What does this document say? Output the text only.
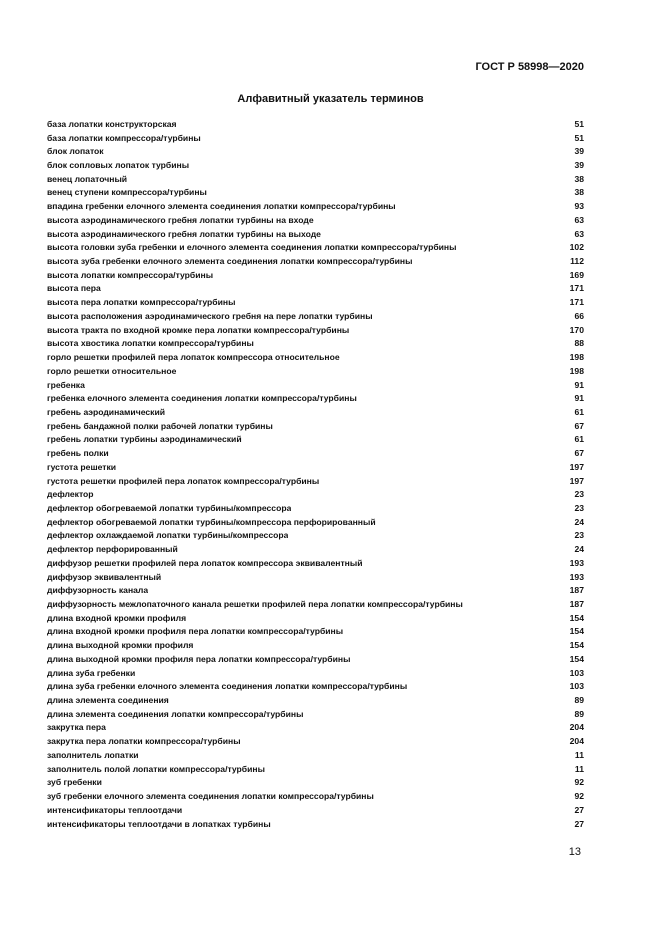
ГОСТ Р 58998—2020
Алфавитный указатель терминов
база лопатки конструкторская	51
база лопатки компрессора/турбины	51
блок лопаток	39
блок сопловых лопаток турбины	39
венец лопаточный	38
венец ступени компрессора/турбины	38
впадина гребенки елочного элемента соединения лопатки компрессора/турбины	93
высота аэродинамического гребня лопатки турбины на входе	63
высота аэродинамического гребня лопатки турбины на выходе	63
высота головки зуба гребенки и елочного элемента соединения лопатки компрессора/турбины	102
высота зуба гребенки елочного элемента соединения лопатки компрессора/турбины	112
высота лопатки компрессора/турбины	169
высота пера	171
высота пера лопатки компрессора/турбины	171
высота расположения аэродинамического гребня на пере лопатки турбины	66
высота тракта по входной кромке пера лопатки компрессора/турбины	170
высота хвостика лопатки компрессора/турбины	88
горло решетки профилей пера лопаток компрессора относительное	198
горло решетки относительное	198
гребенка	91
гребенка елочного элемента соединения лопатки компрессора/турбины	91
гребень аэродинамический	61
гребень бандажной полки рабочей лопатки турбины	67
гребень лопатки турбины аэродинамический	61
гребень полки	67
густота решетки	197
густота решетки профилей пера лопаток компрессора/турбины	197
дефлектор	23
дефлектор обогреваемой лопатки турбины/компрессора	23
дефлектор обогреваемой лопатки турбины/компрессора перфорированный	24
дефлектор охлаждаемой лопатки турбины/компрессора	23
дефлектор перфорированный	24
диффузор решетки профилей пера лопаток компрессора эквивалентный	193
диффузор эквивалентный	193
диффузорность канала	187
диффузорность межлопаточного канала решетки профилей пера лопатки компрессора/турбины	187
длина входной кромки профиля	154
длина входной кромки профиля пера лопатки компрессора/турбины	154
длина выходной кромки профиля	154
длина выходной кромки профиля пера лопатки компрессора/турбины	154
длина зуба гребенки	103
длина зуба гребенки елочного элемента соединения лопатки компрессора/турбины	103
длина элемента соединения	89
длина элемента соединения лопатки компрессора/турбины	89
закрутка пера	204
закрутка пера лопатки компрессора/турбины	204
заполнитель лопатки	11
заполнитель полой лопатки компрессора/турбины	11
зуб гребенки	92
зуб гребенки елочного элемента соединения лопатки компрессора/турбины	92
интенсификаторы теплоотдачи	27
интенсификаторы теплоотдачи в лопатках турбины	27
13
